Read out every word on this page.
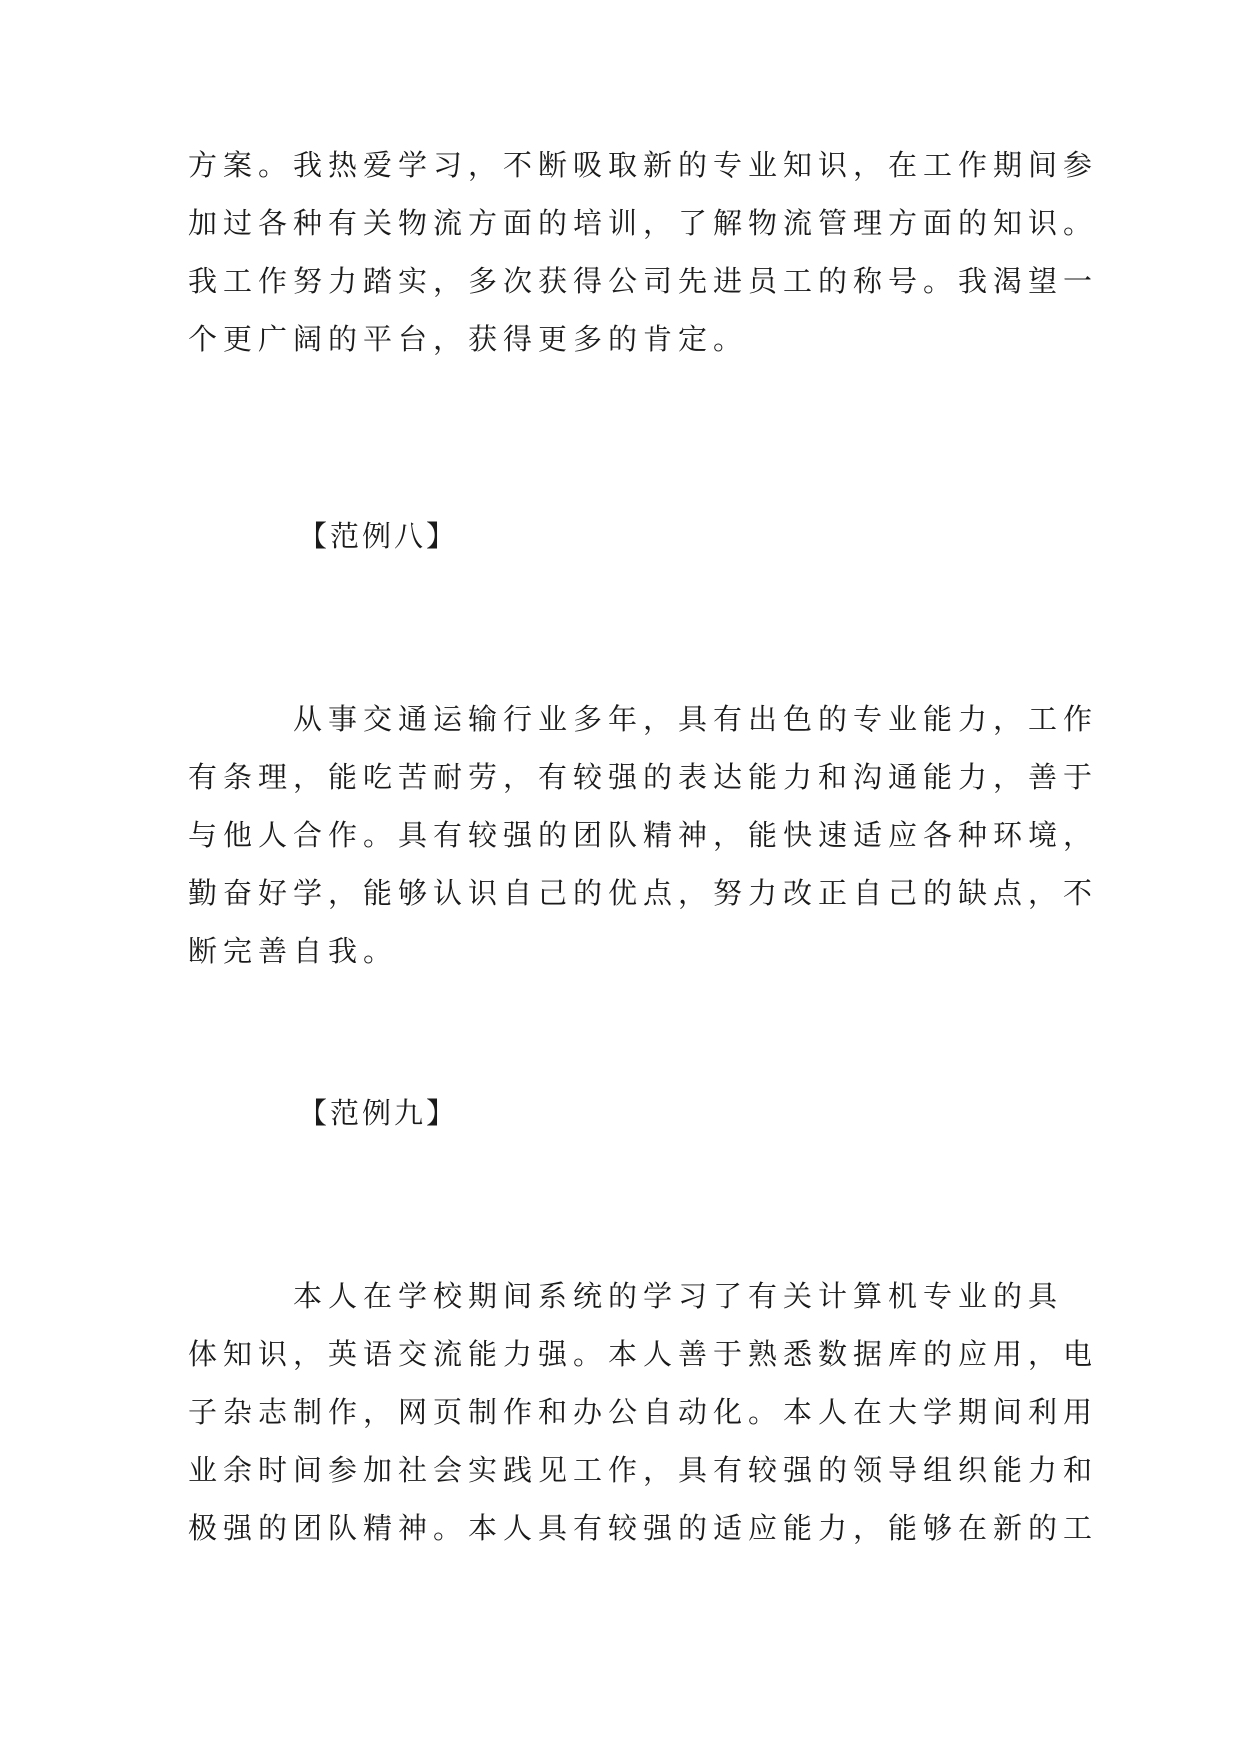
方案。我热爱学习，不断吸取新的专业知识，在工作期间参
加过各种有关物流方面的培训，了解物流管理方面的知识。
我工作努力踏实，多次获得公司先进员工的称号。我渴望一
个更广阔的平台，获得更多的肯定。

【范例八】

　　　从事交通运输行业多年，具有出色的专业能力，工作
有条理，能吃苦耐劳，有较强的表达能力和沟通能力，善于
与他人合作。具有较强的团队精神，能快速适应各种环境，
勤奋好学，能够认识自己的优点，努力改正自己的缺点，不
断完善自我。

【范例九】

　　　本人在学校期间系统的学习了有关计算机专业的具
体知识，英语交流能力强。本人善于熟悉数据库的应用，电
子杂志制作，网页制作和办公自动化。本人在大学期间利用
业余时间参加社会实践见工作，具有较强的领导组织能力和
极强的团队精神。本人具有较强的适应能力，能够在新的工
